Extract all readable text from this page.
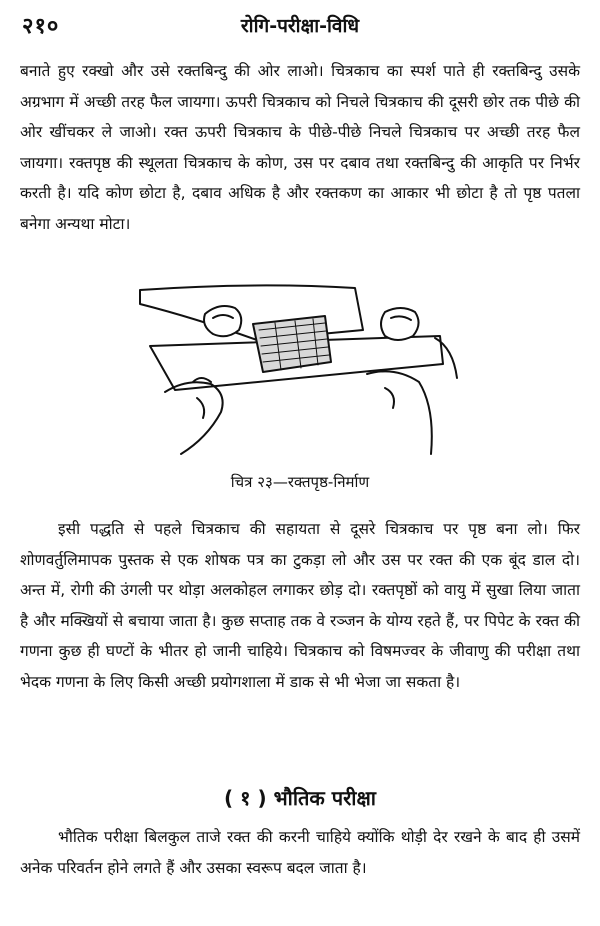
२१०	रोगि-परीक्षा-विधि

बनाते हुए रक्खो और उसे रक्तबिन्दु की ओर लाओ। चित्रकाच का स्पर्श पाते ही रक्तबिन्दु उसके अग्रभाग में अच्छी तरह फैल जायगा। ऊपरी चित्रकाच को निचले चित्रकाच की दूसरी छोर तक पीछे की ओर खींचकर ले जाओ। रक्त ऊपरी चित्रकाच के पीछे-पीछे निचले चित्रकाच पर अच्छी तरह फैल जायगा। रक्तपृष्ठ की स्थूलता चित्रकाच के कोण, उस पर दबाव तथा रक्तबिन्दु की आकृति पर निर्भर करती है। यदि कोण छोटा है, दबाव अधिक है और रक्तकण का आकार भी छोटा है तो पृष्ठ पतला बनेगा अन्यथा मोटा।

चित्र २३—रक्तपृष्ठ-निर्माण

इसी पद्धति से पहले चित्रकाच की सहायता से दूसरे चित्रकाच पर पृष्ठ बना लो। फिर शोणवर्तुलिमापक पुस्तक से एक शोषक पत्र का टुकड़ा लो और उस पर रक्त की एक बूंद डाल दो। अन्त में, रोगी की उंगली पर थोड़ा अलकोहल लगाकर छोड़ दो। रक्तपृष्ठों को वायु में सुखा लिया जाता है और मक्खियों से बचाया जाता है। कुछ सप्ताह तक वे रञ्जन के योग्य रहते हैं, पर पिपेट के रक्त की गणना कुछ ही घण्टों के भीतर हो जानी चाहिये। चित्रकाच को विषमज्वर के जीवाणु की परीक्षा तथा भेदक गणना के लिए किसी अच्छी प्रयोगशाला में डाक से भी भेजा जा सकता है।

( १ ) भौतिक परीक्षा

भौतिक परीक्षा बिलकुल ताजे रक्त की करनी चाहिये क्योंकि थोड़ी देर रखने के बाद ही उसमें अनेक परिवर्तन होने लगते हैं और उसका स्वरूप बदल जाता है।
